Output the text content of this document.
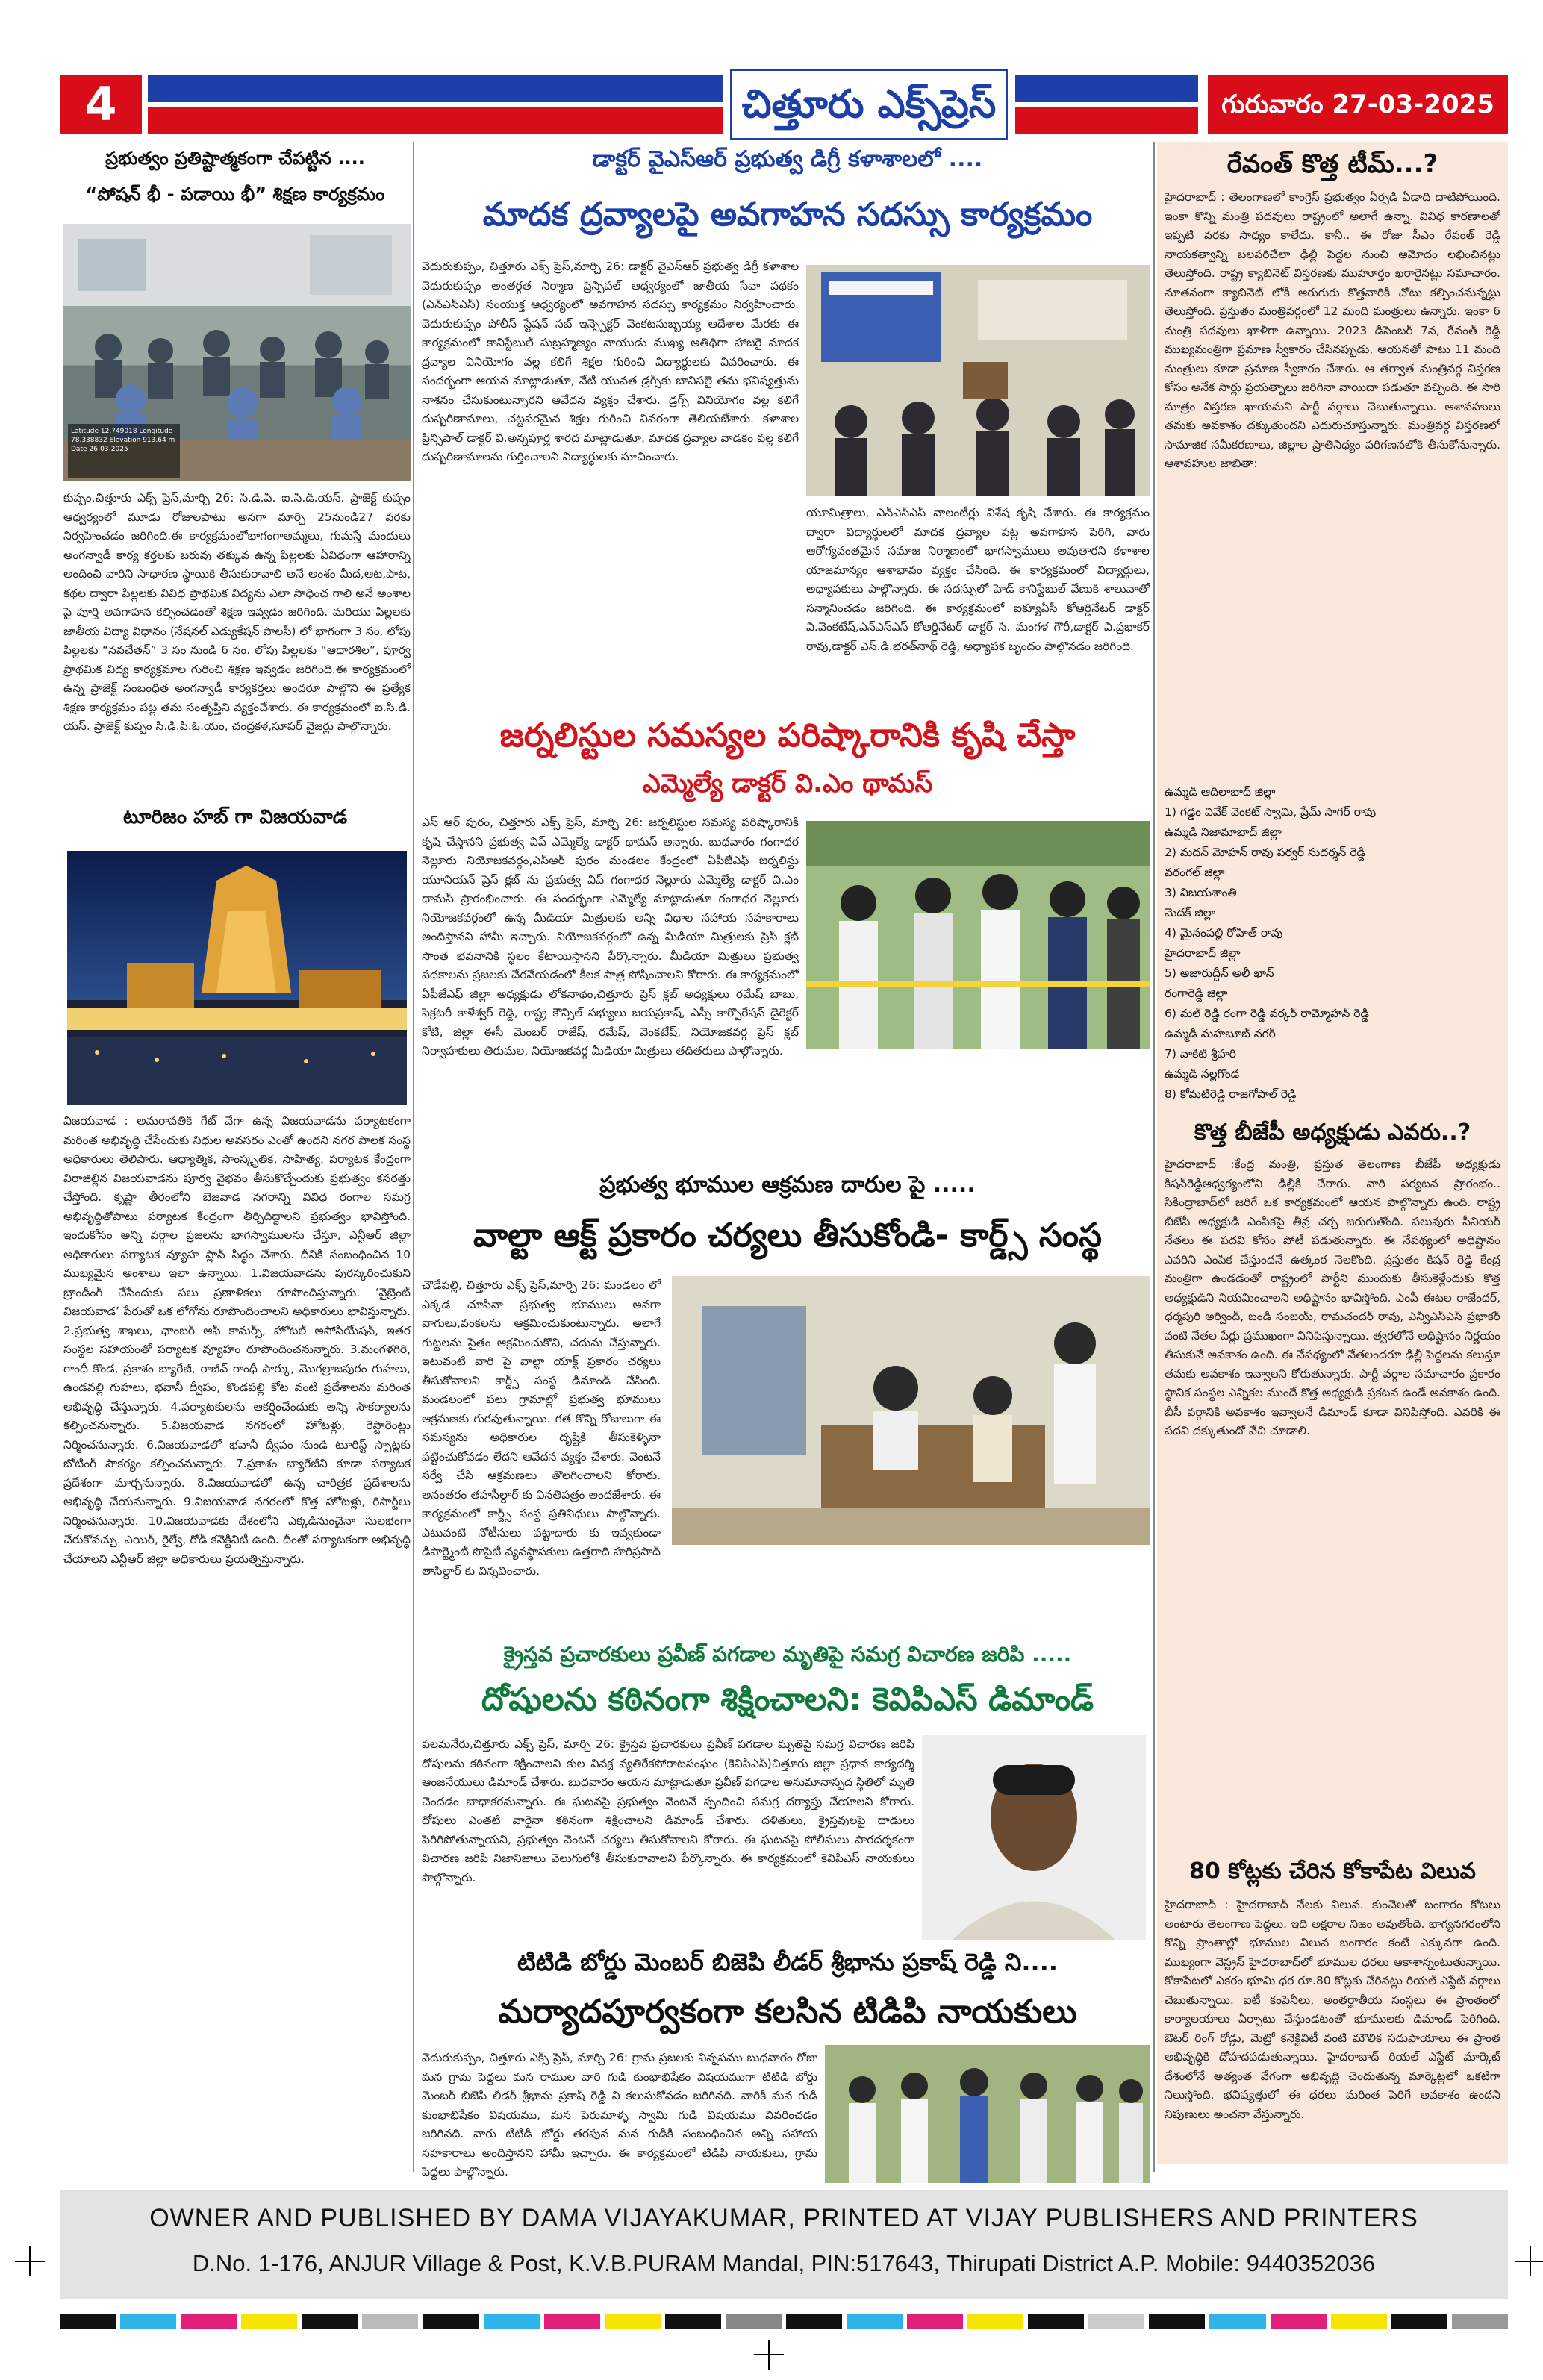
4	చిత్తూరు ఎక్స్‌ప్రెస్	గురువారం 27-03-2025
ప్రభుత్వం ప్రతిష్టాత్మకంగా చేపట్టిన ....
“పోషన్ భీ - పడాయి భీ” శిక్షణ కార్యక్రమం
Latitude 12.749018 Longitude 78.338832 Elevation 913.64 m Date 26-03-2025
కుప్పం,చిత్తూరు ఎక్స్ ప్రెస్,మార్చి 26: సి.డి.పి. ఐ.సి.డి.యస్. ప్రాజెక్ట్ కుప్పం ఆధ్వర్యంలో మూడు రోజులపాటు అనగా మార్చి 25నుండి27 వరకు నిర్వహించడం జరిగింది.ఈ కార్యక్రమంలోభాగంగాఅమ్మలు, గుమస్తే మందులు అంగన్వాడీ కార్య కర్తలకు బరువు తక్కువ ఉన్న పిల్లలకు ఏవిధంగా ఆహారాన్ని అందించి వారిని సాధారణ స్థాయికి తీసుకురావాలి అనే అంశం మీద,ఆట,పాట, కథల ద్వారా పిల్లలకు వివిధ ప్రాథమిక విద్యను ఎలా సాధించ గాలి అనే అంశాల పై పూర్తి అవగాహన కల్పించడంతో శిక్షణ ఇవ్వడం జరిగింది. మరియు పిల్లలకు జాతీయ విద్యా విధానం (నేషనల్ ఎడ్యుకేషన్ పాలసీ) లో భాగంగా 3 సం. లోపు పిల్లలకు “నవచేతన్” 3 సం నుండి 6 సం. లోపు పిల్లలకు “ఆధారశిల”, పూర్వ ప్రాథమిక విద్య కార్యక్రమాల గురించి శిక్షణ ఇవ్వడం జరిగింది.ఈ కార్యక్రమంలో ఉన్న ప్రాజెక్ట్ సంబంధిత అంగన్వాడీ కార్యకర్తలు అందరూ పాల్గొని ఈ ప్రత్యేక శిక్షణ కార్యక్రమం పట్ల తమ సంతృప్తిని వ్యక్తంచేశారు. ఈ కార్యక్రమంలో ఐ.సి.డి. యస్. ప్రాజెక్ట్ కుప్పం సి.డి.పి.ఓ.యం, చంద్రకళ,సూపర్ వైజర్లు పాల్గొన్నారు.
టూరిజం హబ్ గా విజయవాడ
విజయవాడ : అమరావతికి గేట్ వేగా ఉన్న విజయవాడను పర్యాటకంగా మరింత అభివృద్ధి చేసేందుకు నిధుల అవసరం ఎంతో ఉందని నగర పాలక సంస్థ అధికారులు తెలిపారు. ఆధ్యాత్మిక, సాంస్కృతిక, సాహిత్య, పర్యాటక కేంద్రంగా విరాజిల్లిన విజయవాడను పూర్వ వైభవం తీసుకొచ్చేందుకు ప్రభుత్వం కసరత్తు చేస్తోంది. కృష్ణా తీరంలోని బెజవాడ నగరాన్ని వివిధ రంగాల సమగ్ర అభివృద్ధితోపాటు పర్యాటక కేంద్రంగా తీర్చిదిద్దాలని ప్రభుత్వం భావిస్తోంది. ఇందుకోసం అన్ని వర్గాల ప్రజలను భాగస్వాములను చేస్తూ, ఎన్టీఆర్ జిల్లా అధికారులు పర్యాటక వ్యూహ ప్లాన్ సిద్ధం చేశారు. దీనికి సంబంధించిన 10 ముఖ్యమైన అంశాలు ఇలా ఉన్నాయి. 1.విజయవాడను పురస్కరించుకుని బ్రాండింగ్ చేసేందుకు పలు ప్రణాళికలు రూపొందిస్తున్నారు. ‘వైబ్రెంట్ విజయవాడ’ పేరుతో ఒక లోగోను రూపొందించాలని అధికారులు భావిస్తున్నారు. 2.ప్రభుత్వ శాఖలు, ఛాంబర్ ఆఫ్ కామర్స్, హోటల్ అసోసియేషన్, ఇతర సంస్థల సహాయంతో పర్యాటక వ్యూహం రూపొందించనున్నారు. 3.మంగళగిరి, గాంధీ కొండ, ప్రకాశం బ్యారేజీ, రాజీవ్ గాంధీ పార్కు, మొగల్రాజపురం గుహలు, ఉండవల్లి గుహలు, భవానీ ద్వీపం, కొండపల్లి కోట వంటి ప్రదేశాలను మరింత అభివృద్ధి చేస్తున్నారు. 4.పర్యాటకులను ఆకర్షించేందుకు అన్ని సౌకర్యాలను కల్పించనున్నారు. 5.విజయవాడ నగరంలో హోటళ్లు, రెస్టారెంట్లు నిర్మించనున్నారు. 6.విజయవాడలో భవానీ ద్వీపం నుండి టూరిస్ట్ స్పాట్లకు బోటింగ్ సౌకర్యం కల్పించనున్నారు. 7.ప్రకాశం బ్యారేజీని కూడా పర్యాటక ప్రదేశంగా మార్చనున్నారు. 8.విజయవాడలో ఉన్న చారిత్రక ప్రదేశాలను అభివృద్ధి చేయనున్నారు. 9.విజయవాడ నగరంలో కొత్త హోటళ్లు, రిసార్ట్‌లు నిర్మించనున్నారు. 10.విజయవాడకు దేశంలోని ఎక్కడినుంచైనా సులభంగా చేరుకోవచ్చు. ఎయిర్, రైల్వే, రోడ్ కనెక్టివిటీ ఉంది. దీంతో పర్యాటకంగా అభివృద్ధి చేయాలని ఎన్టీఆర్ జిల్లా అధికారులు ప్రయత్నిస్తున్నారు.
డాక్టర్ వైఎస్ఆర్ ప్రభుత్వ డిగ్రీ కళాశాలలో ....
మాదక ద్రవ్యాలపై అవగాహన సదస్సు కార్యక్రమం
వెదురుకుప్పం, చిత్తూరు ఎక్స్ ప్రెస్,మార్చి 26: డాక్టర్ వైఎస్ఆర్ ప్రభుత్వ డిగ్రీ కళాశాల వెదురుకుప్పం అంతర్గత నిర్మాణ ప్రిన్సిపల్ ఆధ్వర్యంలో జాతీయ సేవా పథకం (ఎన్ఎస్ఎస్) సంయుక్త ఆధ్వర్యంలో అవగాహన సదస్సు కార్యక్రమం నిర్వహించారు. వెదురుకుప్పం పోలీస్ స్టేషన్ సబ్ ఇన్స్పెక్టర్ వెంకటసుబ్బయ్య ఆదేశాల మేరకు ఈ కార్యక్రమంలో కానిస్టేబుల్ సుబ్రహ్మణ్యం నాయుడు ముఖ్య అతిథిగా హాజరై మాదక ద్రవ్యాల వినియోగం వల్ల కలిగే శిక్షల గురించి విద్యార్థులకు వివరించారు. ఈ సందర్భంగా ఆయన మాట్లాడుతూ, నేటి యువత డ్రగ్స్‌కు బానిసలై తమ భవిష్యత్తును నాశనం చేసుకుంటున్నారని ఆవేదన వ్యక్తం చేశారు. డ్రగ్స్ వినియోగం వల్ల కలిగే దుష్పరిణామాలు, చట్టపరమైన శిక్షల గురించి వివరంగా తెలియజేశారు. కళాశాల ప్రిన్సిపాల్ డాక్టర్ వి.అన్నపూర్ణ శారద మాట్లాడుతూ, మాదక ద్రవ్యాల వాడకం వల్ల కలిగే దుష్పరిణామాలను గుర్తించాలని విద్యార్థులకు సూచించారు.
యూమిత్రాలు, ఎన్ఎస్ఎస్ వాలంటీర్లు విశేష కృషి చేశారు. ఈ కార్యక్రమం ద్వారా విద్యార్థులలో మాదక ద్రవ్యాల పట్ల అవగాహన పెరిగి, వారు ఆరోగ్యవంతమైన సమాజ నిర్మాణంలో భాగస్వాములు అవుతారని కళాశాల యాజమాన్యం ఆశాభావం వ్యక్తం చేసింది. ఈ కార్యక్రమంలో విద్యార్థులు, అధ్యాపకులు పాల్గొన్నారు. ఈ సదస్సులో హెడ్ కానిస్టేబుల్ వేణుకి శాలువాతో సన్మానించడం జరిగింది. ఈ కార్యక్రమంలో ఐక్యూఏసీ కోఆర్డినేటర్ డాక్టర్ వి.వెంకటేష్,ఎన్ఎస్ఎస్ కోఆర్డినేటర్ డాక్టర్ సి. మంగళ గౌరీ,డాక్టర్ వి.ప్రభాకర్ రావు,డాక్టర్ ఎస్.డి.భరత్‌నాథ్ రెడ్డి, అధ్యాపక బృందం పాల్గొనడం జరిగింది.
జర్నలిస్టుల సమస్యల పరిష్కారానికి కృషి చేస్తా
ఎమ్మెల్యే డాక్టర్ వి.ఎం థామస్
ఎస్ ఆర్ పురం, చిత్తూరు ఎక్స్ ప్రెస్, మార్చి 26: జర్నలిస్టుల సమస్య పరిష్కారానికి కృషి చేస్తానని ప్రభుత్వ విప్ ఎమ్మెల్యే డాక్టర్ థామస్ అన్నారు. బుధవారం గంగాధర నెల్లూరు నియోజకవర్గం,ఎస్ఆర్ పురం మండలం కేంద్రంలో ఏపీజేఎఫ్ జర్నలిస్టు యూనియన్ ప్రెస్ క్లబ్ ను ప్రభుత్వ విప్ గంగాధర నెల్లూరు ఎమ్మెల్యే డాక్టర్ వి.ఎం థామస్ ప్రారంభించారు. ఈ సందర్భంగా ఎమ్మెల్యే మాట్లాడుతూ గంగాధర నెల్లూరు నియోజకవర్గంలో ఉన్న మీడియా మిత్రులకు అన్ని విధాల సహాయ సహకారాలు అందిస్తానని హామీ ఇచ్చారు. నియోజకవర్గంలో ఉన్న మీడియా మిత్రులకు ప్రెస్ క్లబ్ సొంత భవనానికి స్థలం కేటాయిస్తానని పేర్కొన్నారు. మీడియా మిత్రులు ప్రభుత్వ పథకాలను ప్రజలకు చేరవేయడంలో కీలక పాత్ర పోషించాలని కోరారు. ఈ కార్యక్రమంలో ఏపీజేఎఫ్ జిల్లా అధ్యక్షుడు లోకనాథం,చిత్తూరు ప్రెస్ క్లబ్ అధ్యక్షులు రమేష్ బాబు, సెక్రటరీ కాళేశ్వర్ రెడ్డి, రాష్ట్ర కౌన్సిల్ సభ్యులు జయప్రకాష్, ఎస్సీ కార్పొరేషన్ డైరెక్టర్ కోటి, జిల్లా ఈసీ మెంబర్ రాజేష్, రమేష్, వెంకటేష్, నియోజకవర్గ ప్రెస్ క్లబ్ నిర్వాహకులు తిరుమల, నియోజకవర్గ మీడియా మిత్రులు తదితరులు పాల్గొన్నారు.
ప్రభుత్వ భూముల ఆక్రమణ దారుల పై .....
వాల్టా ఆక్ట్ ప్రకారం చర్యలు తీసుకోండి- కార్డ్స్ సంస్థ
చౌడేపల్లి, చిత్తూరు ఎక్స్ ప్రెస్,మార్చి 26: మండలం లో ఎక్కడ చూసినా ప్రభుత్వ భూములు అనగా వాగులు,వంకలను ఆక్రమించుకుంటున్నారు. అలాగే గుట్టలను సైతం ఆక్రమించుకొని, చదును చేస్తున్నారు. ఇటువంటి వారి పై వాల్టా యాక్ట్ ప్రకారం చర్యలు తీసుకోవాలని కార్డ్స్ సంస్థ డిమాండ్ చేసింది. మండలంలో పలు గ్రామాల్లో ప్రభుత్వ భూములు ఆక్రమణకు గురవుతున్నాయి. గత కొన్ని రోజులుగా ఈ సమస్యను అధికారుల దృష్టికి తీసుకెళ్ళినా పట్టించుకోవడం లేదని ఆవేదన వ్యక్తం చేశారు. వెంటనే సర్వే చేసి ఆక్రమణలు తొలగించాలని కోరారు. అనంతరం తహసీల్దార్ కు వినతిపత్రం అందజేశారు. ఈ కార్యక్రమంలో కార్డ్స్ సంస్థ ప్రతినిధులు పాల్గొన్నారు. ఎటువంటి నోటీసులు పట్టాదారు కు ఇవ్వకుండా డిపార్ట్మెంట్ సొసైటీ వ్యవస్థాపకులు ఉత్తరాది హరిప్రసాద్ తాసిల్దార్ కు విన్నవించారు.
క్రైస్తవ ప్రచారకులు ప్రవీణ్ పగడాల మృతిపై సమగ్ర విచారణ జరిపి .....
దోషులను కఠినంగా శిక్షించాలని: కెవిపిఎస్ డిమాండ్
పలమనేరు,చిత్తూరు ఎక్స్ ప్రెస్, మార్చి 26: క్రైస్తవ ప్రచారకులు ప్రవీణ్ పగడాల మృతిపై సమగ్ర విచారణ జరిపి దోషులను కఠినంగా శిక్షించాలని కుల వివక్ష వ్యతిరేకపోరాటసంఘం (కెవిపిఎస్)చిత్తూరు జిల్లా ప్రధాన కార్యదర్శి ఆంజనేయులు డిమాండ్ చేశారు. బుధవారం ఆయన మాట్లాడుతూ ప్రవీణ్ పగడాల అనుమానాస్పద స్థితిలో మృతి చెందడం బాధాకరమన్నారు. ఈ ఘటనపై ప్రభుత్వం వెంటనే స్పందించి సమగ్ర దర్యాప్తు చేయాలని కోరారు. దోషులు ఎంతటి వారైనా కఠినంగా శిక్షించాలని డిమాండ్ చేశారు. దళితులు, క్రైస్తవులపై దాడులు పెరిగిపోతున్నాయని, ప్రభుత్వం వెంటనే చర్యలు తీసుకోవాలని కోరారు. ఈ ఘటనపై పోలీసులు పారదర్శకంగా విచారణ జరిపి నిజానిజాలు వెలుగులోకి తీసుకురావాలని పేర్కొన్నారు. ఈ కార్యక్రమంలో కెవిపిఎస్ నాయకులు పాల్గొన్నారు.
టిటిడి బోర్డు మెంబర్ బిజెపి లీడర్ శ్రీభాను ప్రకాష్ రెడ్డి ని....
మర్యాదపూర్వకంగా కలసిన టిడిపి నాయకులు
వెదురుకుప్పం, చిత్తూరు ఎక్స్ ప్రెస్, మార్చి 26: గ్రామ ప్రజలకు విన్నపము బుధవారం రోజు మన గ్రామ పెద్దలు మన రాముల వారి గుడి కుంభాభిషేకం విషయముగా టిటిడి బోర్డు మెంబర్ బిజెపి లీడర్ శ్రీభాను ప్రకాష్ రెడ్డి ని కలుసుకోవడం జరిగినది. వారికి మన గుడి కుంభాభిషేకం విషయము, మన పెరుమాళ్ళ స్వామి గుడి విషయము వివరించడం జరిగినది. వారు టిటిడి బోర్డు తరపున మన గుడికి సంబంధించిన అన్ని సహాయ సహకారాలు అందిస్తానని హామీ ఇచ్చారు. ఈ కార్యక్రమంలో టిడిపి నాయకులు, గ్రామ పెద్దలు పాల్గొన్నారు.
రేవంత్ కొత్త టీమ్...?
హైదరాబాద్ : తెలంగాణలో కాంగ్రెస్ ప్రభుత్వం ఏర్పడి ఏడాది దాటిపోయింది. ఇంకా కొన్ని మంత్రి పదవులు రాష్ట్రంలో అలాగే ఉన్నా. వివిధ కారణాలతో ఇప్పటి వరకు సాధ్యం కాలేదు. కానీ.. ఈ రోజు సీఎం రేవంత్ రెడ్డి నాయకత్వాన్ని బలపరిచేలా ఢిల్లీ పెద్దల నుంచి ఆమోదం లభించినట్లు తెలుస్తోంది. రాష్ట్ర క్యాబినెట్ విస్తరణకు ముహూర్తం ఖరారైనట్లు సమాచారం. నూతనంగా క్యాబినెట్ లోకి ఆరుగురు కొత్తవారికి చోటు కల్పించనున్నట్లు తెలుస్తోంది. ప్రస్తుతం మంత్రివర్గంలో 12 మంది మంత్రులు ఉన్నారు. ఇంకా 6 మంత్రి పదవులు ఖాళీగా ఉన్నాయి. 2023 డిసెంబర్ 7న, రేవంత్ రెడ్డి ముఖ్యమంత్రిగా ప్రమాణ స్వీకారం చేసినప్పుడు, ఆయనతో పాటు 11 మంది మంత్రులు కూడా ప్రమాణ స్వీకారం చేశారు. ఆ తర్వాత మంత్రివర్గ విస్తరణ కోసం అనేక సార్లు ప్రయత్నాలు జరిగినా వాయిదా పడుతూ వచ్చింది. ఈ సారి మాత్రం విస్తరణ ఖాయమని పార్టీ వర్గాలు చెబుతున్నాయి. ఆశావహులు తమకు అవకాశం దక్కుతుందని ఎదురుచూస్తున్నారు. మంత్రివర్గ విస్తరణలో సామాజిక సమీకరణాలు, జిల్లాల ప్రాతినిధ్యం పరిగణనలోకి తీసుకోనున్నారు. ఆశావహుల జాబితా:
ఉమ్మడి ఆదిలాబాద్ జిల్లా
1) గడ్డం వివేక్ వెంకట్ స్వామి, ప్రేమ్ సాగర్ రావు
ఉమ్మడి నిజామాబాద్ జిల్లా
2) మదన్ మోహన్ రావు పర్వర్ సుదర్శన్ రెడ్డి
వరంగల్ జిల్లా
3) విజయశాంతి
మెదక్ జిల్లా
4) మైనంపల్లి రోహిత్ రావు
హైదరాబాద్ జిల్లా
5) అజారుద్దీన్ అలీ ఖాన్
రంగారెడ్డి జిల్లా
6) మల్ రెడ్డి రంగా రెడ్డి వర్కర్ రామ్మోహన్ రెడ్డి
ఉమ్మడి మహబూబ్ నగర్
7) వాకిటి శ్రీహరి
ఉమ్మడి నల్లగొండ
8) కోమటిరెడ్డి రాజగోపాల్ రెడ్డి
కొత్త బీజేపీ అధ్యక్షుడు ఎవరు..?
హైదరాబాద్ :కేంద్ర మంత్రి, ప్రస్తుత తెలంగాణ బీజేపీ అధ్యక్షుడు కిషన్‌రెడ్డిఆధ్వర్యంలోని ఢిల్లీకి చేరారు. వారి పర్యటన ప్రారంభం.. సికింద్రాబాద్‌లో జరిగే ఒక కార్యక్రమంలో ఆయన పాల్గొన్నారు ఉంది. రాష్ట్ర బీజేపీ అధ్యక్షుడి ఎంపికపై తీవ్ర చర్చ జరుగుతోంది. పలువురు సీనియర్ నేతలు ఈ పదవి కోసం పోటీ పడుతున్నారు. ఈ నేపథ్యంలో అధిష్టానం ఎవరిని ఎంపిక చేస్తుందనే ఉత్కంఠ నెలకొంది. ప్రస్తుతం కిషన్ రెడ్డి కేంద్ర మంత్రిగా ఉండడంతో రాష్ట్రంలో పార్టీని ముందుకు తీసుకెళ్లేందుకు కొత్త అధ్యక్షుడిని నియమించాలని అధిష్టానం భావిస్తోంది. ఎంపీ ఈటల రాజేందర్, ధర్మపురి అర్వింద్, బండి సంజయ్, రామచందర్ రావు, ఎన్వీఎస్ఎస్ ప్రభాకర్ వంటి నేతల పేర్లు ప్రముఖంగా వినిపిస్తున్నాయి. త్వరలోనే అధిష్టానం నిర్ణయం తీసుకునే అవకాశం ఉంది. ఈ నేపథ్యంలో నేతలందరూ ఢిల్లీ పెద్దలను కలుస్తూ తమకు అవకాశం ఇవ్వాలని కోరుతున్నారు. పార్టీ వర్గాల సమాచారం ప్రకారం స్థానిక సంస్థల ఎన్నికల ముందే కొత్త అధ్యక్షుడి ప్రకటన ఉండే అవకాశం ఉంది. బీసీ వర్గానికి అవకాశం ఇవ్వాలనే డిమాండ్ కూడా వినిపిస్తోంది. ఎవరికి ఈ పదవి దక్కుతుందో వేచి చూడాలి.
80 కోట్లకు చేరిన కోకాపేట విలువ
హైదరాబాద్ : హైదరాబాద్ నేలకు విలువ. కుంచెలతో బంగారం కోటలు అంటారు తెలంగాణ పెద్దలు. ఇది అక్షరాల నిజం అవుతోంది. భాగ్యనగరంలోని కొన్ని ప్రాంతాల్లో భూముల విలువ బంగారం కంటే ఎక్కువగా ఉంది. ముఖ్యంగా వెస్ట్రన్ హైదరాబాద్‌లో భూముల ధరలు ఆకాశాన్నంటుతున్నాయి. కోకాపేటలో ఎకరం భూమి ధర రూ.80 కోట్లకు చేరినట్లు రియల్ ఎస్టేట్ వర్గాలు చెబుతున్నాయి. ఐటీ కంపెనీలు, అంతర్జాతీయ సంస్థలు ఈ ప్రాంతంలో కార్యాలయాలు ఏర్పాటు చేస్తుండటంతో భూములకు డిమాండ్ పెరిగింది. ఔటర్ రింగ్ రోడ్డు, మెట్రో కనెక్టివిటీ వంటి మౌలిక సదుపాయాలు ఈ ప్రాంత అభివృద్ధికి దోహదపడుతున్నాయి. హైదరాబాద్ రియల్ ఎస్టేట్ మార్కెట్ దేశంలోనే అత్యంత వేగంగా అభివృద్ధి చెందుతున్న మార్కెట్లలో ఒకటిగా నిలుస్తోంది. భవిష్యత్తులో ఈ ధరలు మరింత పెరిగే అవకాశం ఉందని నిపుణులు అంచనా వేస్తున్నారు.
OWNER AND PUBLISHED BY DAMA VIJAYAKUMAR, PRINTED AT VIJAY PUBLISHERS AND PRINTERS
D.No. 1-176, ANJUR Village & Post, K.V.B.PURAM Mandal, PIN:517643, Thirupati District A.P. Mobile: 9440352036
